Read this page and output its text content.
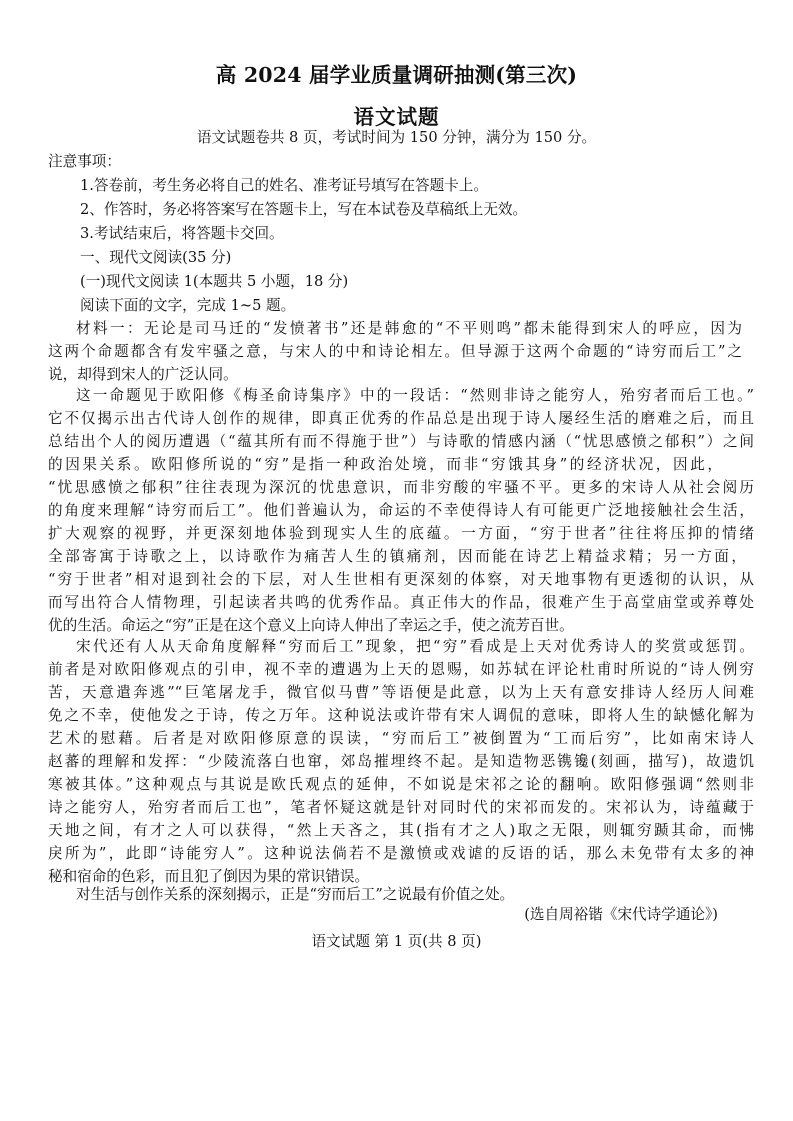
高 2024 届学业质量调研抽测(第三次)
语文试题
语文试题卷共 8 页，考试时间为 150 分钟，满分为 150 分。
注意事项：
1.答卷前，考生务必将自己的姓名、准考证号填写在答题卡上。
2、作答时，务必将答案写在答题卡上，写在本试卷及草稿纸上无效。
3.考试结束后，将答题卡交回。
一、现代文阅读(35 分)
(一)现代文阅读 1(本题共 5 小题，18 分)
阅读下面的文字，完成 1~5 题。
材料一：无论是司马迁的“发愤著书”还是韩愈的“不平则鸣”都未能得到宋人的呼应，因为
这两个命题都含有发牢骚之意，与宋人的中和诗论相左。但导源于这两个命题的“诗穷而后工”之
说，却得到宋人的广泛认同。
这一命题见于欧阳修《梅圣俞诗集序》中的一段话：“然则非诗之能穷人，殆穷者而后工也。”
它不仅揭示出古代诗人创作的规律，即真正优秀的作品总是出现于诗人屡经生活的磨难之后，而且
总结出个人的阅历遭遇（“蕴其所有而不得施于世”）与诗歌的情感内涵（“忧思感愤之郁积”）之间
的因果关系。欧阳修所说的“穷”是指一种政治处境，而非“穷饿其身”的经济状况，因此，
“忧思感愤之郁积”往往表现为深沉的忧患意识，而非穷酸的牢骚不平。更多的宋诗人从社会阅历
的角度来理解“诗穷而后工”。他们普遍认为，命运的不幸使得诗人有可能更广泛地接触社会生活，
扩大观察的视野，并更深刻地体验到现实人生的底蕴。一方面，“穷于世者”往往将压抑的情绪
全部寄寓于诗歌之上，以诗歌作为痛苦人生的镇痛剂，因而能在诗艺上精益求精；另一方面，
“穷于世者”相对退到社会的下层，对人生世相有更深刻的体察，对天地事物有更透彻的认识，从
而写出符合人情物理，引起读者共鸣的优秀作品。真正伟大的作品，很难产生于高堂庙堂或养尊处
优的生活。命运之“穷”正是在这个意义上向诗人伸出了幸运之手，使之流芳百世。
宋代还有人从天命角度解释“穷而后工”现象，把“穷”看成是上天对优秀诗人的奖赏或惩罚。
前者是对欧阳修观点的引申，视不幸的遭遇为上天的恩赐，如苏轼在评论杜甫时所说的“诗人例穷
苦，天意遣奔逃”“巨笔屠龙手，微官似马曹”等语便是此意，以为上天有意安排诗人经历人间难
免之不幸，使他发之于诗，传之万年。这种说法或许带有宋人调侃的意味，即将人生的缺憾化解为
艺术的慰藉。后者是对欧阳修原意的误读，“穷而后工”被倒置为“工而后穷”，比如南宋诗人
赵蕃的理解和发挥：“少陵流落白也窜，郊岛摧埋终不起。是知造物恶镌镵(刻画，描写)，故遗饥
寒被其体。”这种观点与其说是欧氏观点的延伸，不如说是宋祁之论的翻响。欧阳修强调“然则非
诗之能穷人，殆穷者而后工也”，笔者怀疑这就是针对同时代的宋祁而发的。宋祁认为，诗蕴藏于
天地之间，有才之人可以获得，“然上天吝之，其(指有才之人)取之无限，则辄穷踬其命，而怫
戾所为”，此即“诗能穷人”。这种说法倘若不是激愤或戏谑的反语的话，那么未免带有太多的神
秘和宿命的色彩，而且犯了倒因为果的常识错误。
对生活与创作关系的深刻揭示，正是“穷而后工”之说最有价值之处。
(选自周裕锴《宋代诗学通论》)
语文试题 第 1 页(共 8 页)
